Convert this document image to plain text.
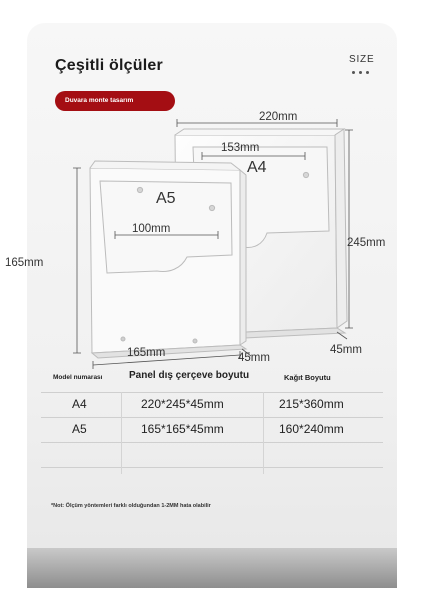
Çeşitli ölçüler	SIZE
Duvara monte tasarım
220mm
153mm
A4
245mm
45mm
A5
100mm
165mm
165mm	45mm
Model numarası	Panel dış çerçeve boyutu	Kağıt Boyutu
A4	220*245*45mm	215*360mm
A5	165*165*45mm	160*240mm
*Not: Ölçüm yöntemleri farklı olduğundan 1-2MM hata olabilir
